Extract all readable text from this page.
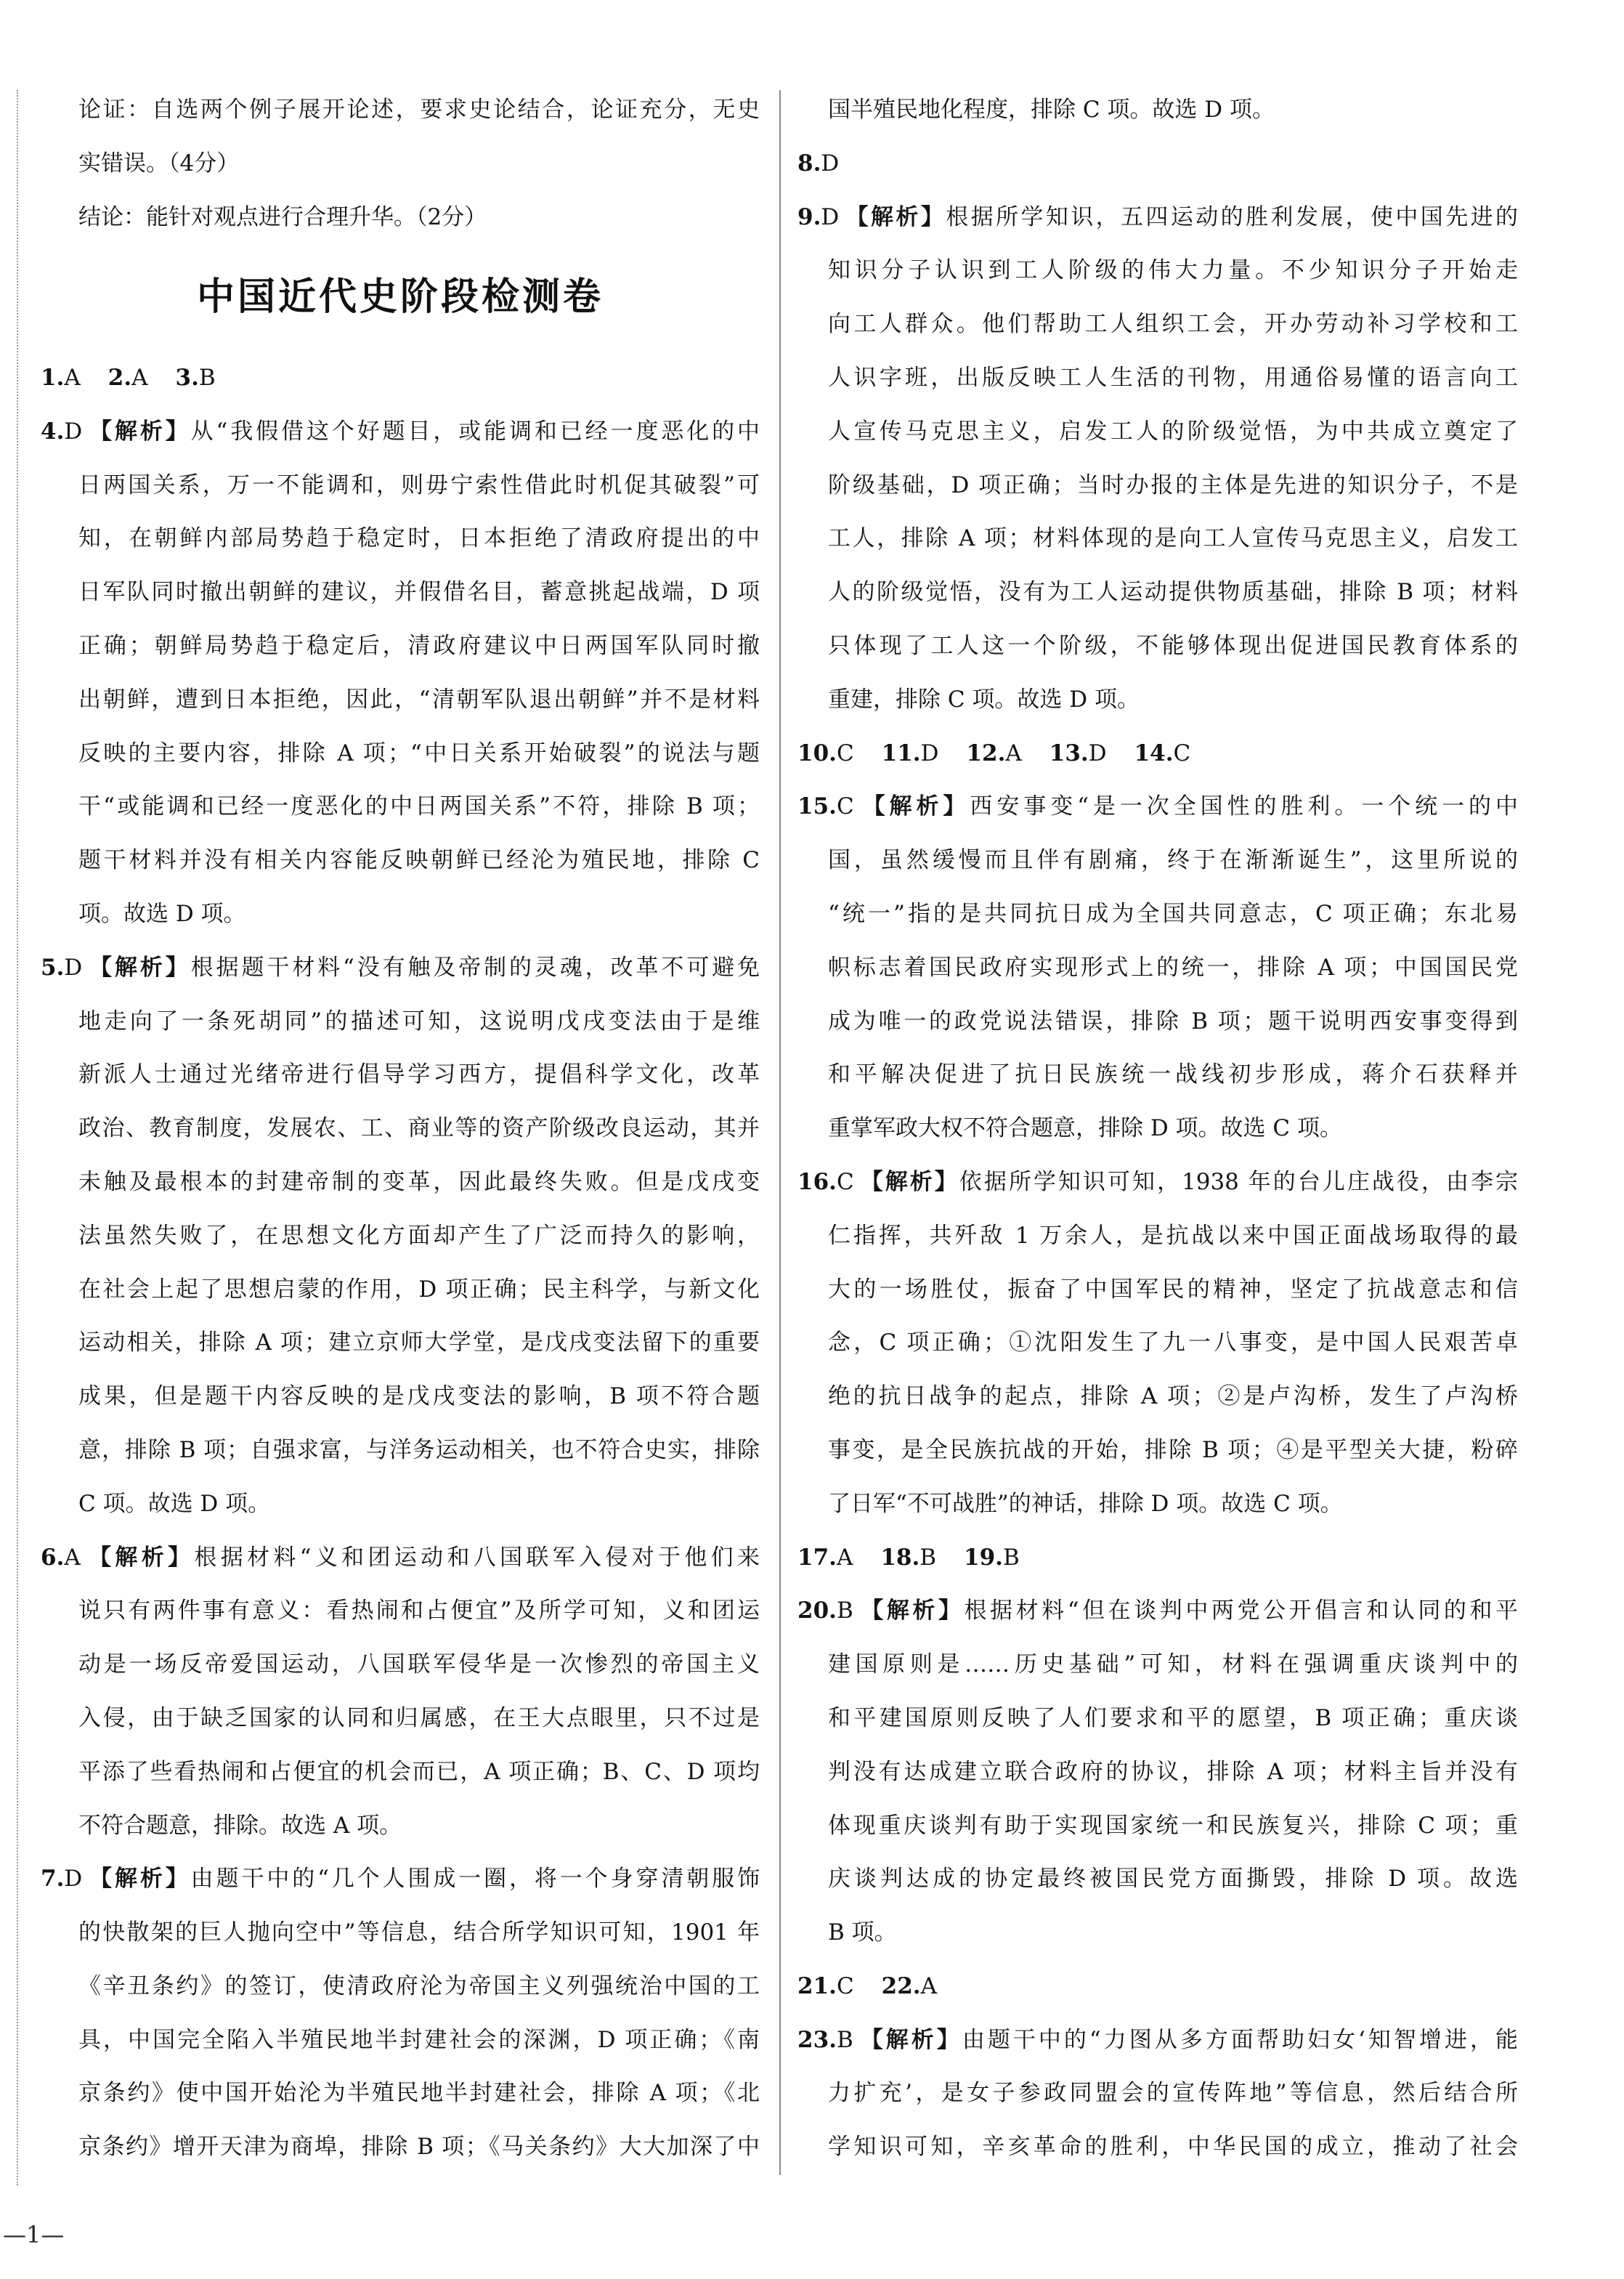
论证：自选两个例子展开论述，要求史论结合，论证充分，无史
实错误。（4分）
结论：能针对观点进行合理升华。（2分）
中国近代史阶段检测卷
1.A 2.A 3.B
4.D 【解析】从“我假借这个好题目，或能调和已经一度恶化的中
日两国关系，万一不能调和，则毋宁索性借此时机促其破裂”可
知，在朝鲜内部局势趋于稳定时，日本拒绝了清政府提出的中
日军队同时撤出朝鲜的建议，并假借名目，蓄意挑起战端，D 项
正确；朝鲜局势趋于稳定后，清政府建议中日两国军队同时撤
出朝鲜，遭到日本拒绝，因此，“清朝军队退出朝鲜”并不是材料
反映的主要内容，排除 A 项；“中日关系开始破裂”的说法与题
干“或能调和已经一度恶化的中日两国关系”不符，排除 B 项；
题干材料并没有相关内容能反映朝鲜已经沦为殖民地，排除 C
项。故选 D 项。
5.D 【解析】根据题干材料“没有触及帝制的灵魂，改革不可避免
地走向了一条死胡同”的描述可知，这说明戊戌变法由于是维
新派人士通过光绪帝进行倡导学习西方，提倡科学文化，改革
政治、教育制度，发展农、工、商业等的资产阶级改良运动，其并
未触及最根本的封建帝制的变革，因此最终失败。但是戊戌变
法虽然失败了，在思想文化方面却产生了广泛而持久的影响，
在社会上起了思想启蒙的作用，D 项正确；民主科学，与新文化
运动相关，排除 A 项；建立京师大学堂，是戊戌变法留下的重要
成果，但是题干内容反映的是戊戌变法的影响，B 项不符合题
意，排除 B 项；自强求富，与洋务运动相关，也不符合史实，排除
C 项。故选 D 项。
6.A 【解析】根据材料“义和团运动和八国联军入侵对于他们来
说只有两件事有意义：看热闹和占便宜”及所学可知，义和团运
动是一场反帝爱国运动，八国联军侵华是一次惨烈的帝国主义
入侵，由于缺乏国家的认同和归属感，在王大点眼里，只不过是
平添了些看热闹和占便宜的机会而已，A 项正确；B、C、D 项均
不符合题意，排除。故选 A 项。
7.D 【解析】由题干中的“几个人围成一圈，将一个身穿清朝服饰
的快散架的巨人抛向空中”等信息，结合所学知识可知，1901 年
《辛丑条约》的签订，使清政府沦为帝国主义列强统治中国的工
具，中国完全陷入半殖民地半封建社会的深渊，D 项正确；《南
京条约》使中国开始沦为半殖民地半封建社会，排除 A 项；《北
京条约》增开天津为商埠，排除 B 项；《马关条约》大大加深了中
国半殖民地化程度，排除 C 项。故选 D 项。
8.D
9.D 【解析】根据所学知识，五四运动的胜利发展，使中国先进的
知识分子认识到工人阶级的伟大力量。不少知识分子开始走
向工人群众。他们帮助工人组织工会，开办劳动补习学校和工
人识字班，出版反映工人生活的刊物，用通俗易懂的语言向工
人宣传马克思主义，启发工人的阶级觉悟，为中共成立奠定了
阶级基础，D 项正确；当时办报的主体是先进的知识分子，不是
工人，排除 A 项；材料体现的是向工人宣传马克思主义，启发工
人的阶级觉悟，没有为工人运动提供物质基础，排除 B 项；材料
只体现了工人这一个阶级，不能够体现出促进国民教育体系的
重建，排除 C 项。故选 D 项。
10.C 11.D 12.A 13.D 14.C
15.C 【解析】西安事变“是一次全国性的胜利。一个统一的中
国，虽然缓慢而且伴有剧痛，终于在渐渐诞生”，这里所说的
“统一”指的是共同抗日成为全国共同意志，C 项正确；东北易
帜标志着国民政府实现形式上的统一，排除 A 项；中国国民党
成为唯一的政党说法错误，排除 B 项；题干说明西安事变得到
和平解决促进了抗日民族统一战线初步形成，蒋介石获释并
重掌军政大权不符合题意，排除 D 项。故选 C 项。
16.C 【解析】依据所学知识可知，1938 年的台儿庄战役，由李宗
仁指挥，共歼敌 1 万余人，是抗战以来中国正面战场取得的最
大的一场胜仗，振奋了中国军民的精神，坚定了抗战意志和信
念，C 项正确；①沈阳发生了九一八事变，是中国人民艰苦卓
绝的抗日战争的起点，排除 A 项；②是卢沟桥，发生了卢沟桥
事变，是全民族抗战的开始，排除 B 项；④是平型关大捷，粉碎
了日军“不可战胜”的神话，排除 D 项。故选 C 项。
17.A 18.B 19.B
20.B 【解析】根据材料“但在谈判中两党公开倡言和认同的和平
建国原则是……历史基础”可知，材料在强调重庆谈判中的
和平建国原则反映了人们要求和平的愿望，B 项正确；重庆谈
判没有达成建立联合政府的协议，排除 A 项；材料主旨并没有
体现重庆谈判有助于实现国家统一和民族复兴，排除 C 项；重
庆谈判达成的协定最终被国民党方面撕毁，排除 D 项。故选
B 项。
21.C 22.A
23.B 【解析】由题干中的“力图从多方面帮助妇女‘知智增进，能
力扩充’，是女子参政同盟会的宣传阵地”等信息，然后结合所
学知识可知，辛亥革命的胜利，中华民国的成立，推动了社会
—1—
